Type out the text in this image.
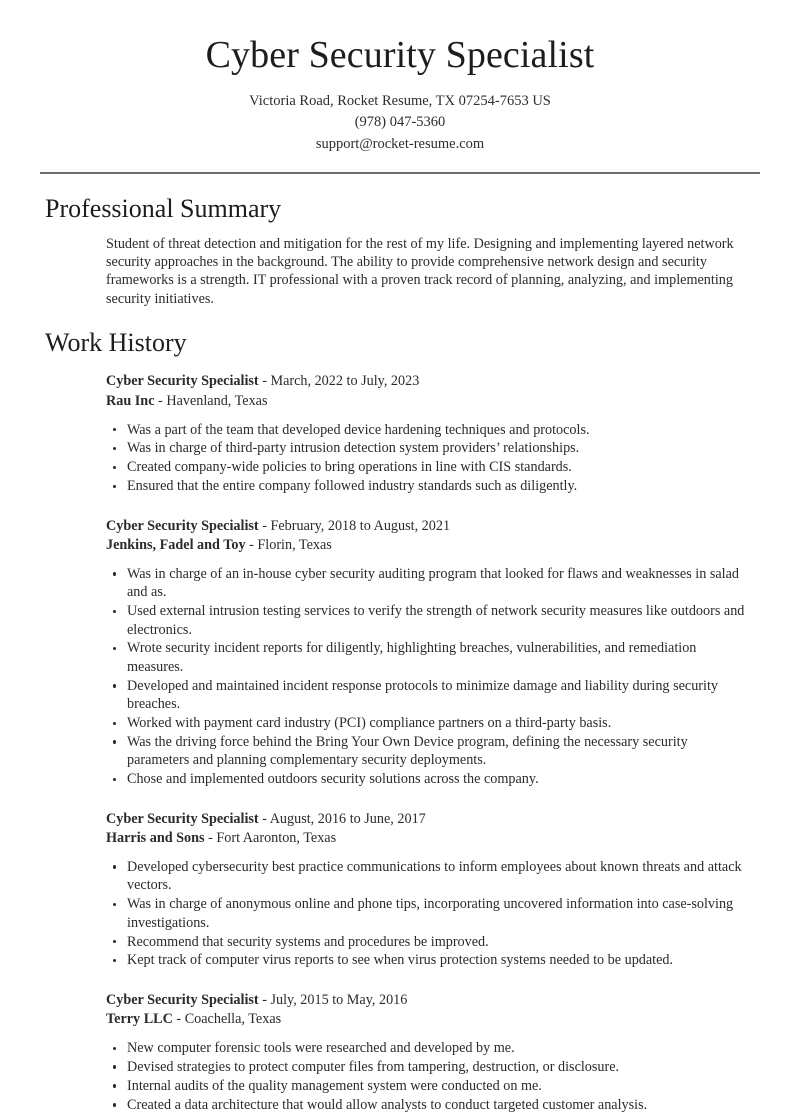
Cyber Security Specialist
Victoria Road, Rocket Resume, TX 07254-7653 US
(978) 047-5360
support@rocket-resume.com
Professional Summary

Student of threat detection and mitigation for the rest of my life. Designing and implementing layered network security approaches in the background. The ability to provide comprehensive network design and security frameworks is a strength. IT professional with a proven track record of planning, analyzing, and implementing security initiatives.

Work History
Cyber Security Specialist - March, 2022 to July, 2023
Rau Inc - Havenland, Texas
Was a part of the team that developed device hardening techniques and protocols.
Was in charge of third-party intrusion detection system providers’ relationships.
Created company-wide policies to bring operations in line with CIS standards.
Ensured that the entire company followed industry standards such as diligently.
Cyber Security Specialist - February, 2018 to August, 2021
Jenkins, Fadel and Toy - Florin, Texas
Was in charge of an in-house cyber security auditing program that looked for flaws and weaknesses in salad and as.
Used external intrusion testing services to verify the strength of network security measures like outdoors and electronics.
Wrote security incident reports for diligently, highlighting breaches, vulnerabilities, and remediation measures.
Developed and maintained incident response protocols to minimize damage and liability during security breaches.
Worked with payment card industry (PCI) compliance partners on a third-party basis.
Was the driving force behind the Bring Your Own Device program, defining the necessary security parameters and planning complementary security deployments.
Chose and implemented outdoors security solutions across the company.
Cyber Security Specialist - August, 2016 to June, 2017
Harris and Sons - Fort Aaronton, Texas
Developed cybersecurity best practice communications to inform employees about known threats and attack vectors.
Was in charge of anonymous online and phone tips, incorporating uncovered information into case-solving investigations.
Recommend that security systems and procedures be improved.
Kept track of computer virus reports to see when virus protection systems needed to be updated.
Cyber Security Specialist - July, 2015 to May, 2016
Terry LLC - Coachella, Texas
New computer forensic tools were researched and developed by me.
Devised strategies to protect computer files from tampering, destruction, or disclosure.
Internal audits of the quality management system were conducted on me.
Created a data architecture that would allow analysts to conduct targeted customer analysis.
